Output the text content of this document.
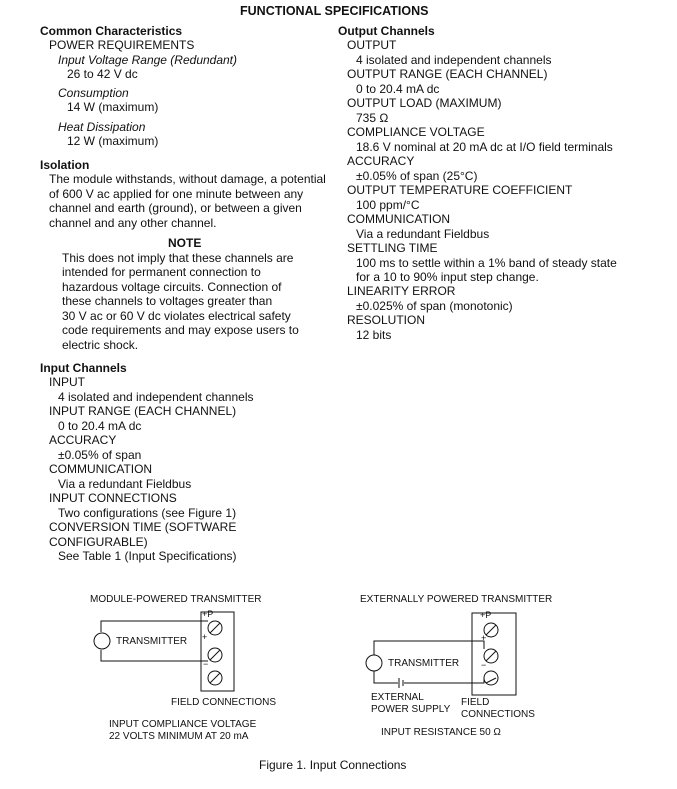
FUNCTIONAL SPECIFICATIONS
Common Characteristics
POWER REQUIREMENTS
Input Voltage Range (Redundant)
26 to 42 V dc
Consumption
14 W (maximum)
Heat Dissipation
12 W (maximum)
Isolation
The module withstands, without damage, a potential
of 600 V ac applied for one minute between any
channel and earth (ground), or between a given
channel and any other channel.
NOTE
This does not imply that these channels are
intended for permanent connection to
hazardous voltage circuits. Connection of
these channels to voltages greater than
30 V ac or 60 V dc violates electrical safety
code requirements and may expose users to
electric shock.
Input Channels
INPUT
4 isolated and independent channels
INPUT RANGE (EACH CHANNEL)
0 to 20.4 mA dc
ACCURACY
±0.05% of span
COMMUNICATION
Via a redundant Fieldbus
INPUT CONNECTIONS
Two configurations (see Figure 1)
CONVERSION TIME (SOFTWARE
CONFIGURABLE)
See Table 1 (Input Specifications)
Output Channels
OUTPUT
4 isolated and independent channels
OUTPUT RANGE (EACH CHANNEL)
0 to 20.4 mA dc
OUTPUT LOAD (MAXIMUM)
735 Ω
COMPLIANCE VOLTAGE
18.6 V nominal at 20 mA dc at I/O field terminals
ACCURACY
±0.05% of span (25°C)
OUTPUT TEMPERATURE COEFFICIENT
100 ppm/°C
COMMUNICATION
Via a redundant Fieldbus
SETTLING TIME
100 ms to settle within a 1% band of steady state
for a 10 to 90% input step change.
LINEARITY ERROR
±0.025% of span (monotonic)
RESOLUTION
12 bits
+P
+
−
+P
+
−
MODULE-POWERED TRANSMITTER
TRANSMITTER
FIELD CONNECTIONS
INPUT COMPLIANCE VOLTAGE
22 VOLTS MINIMUM AT 20 mA
EXTERNALLY POWERED TRANSMITTER
TRANSMITTER
EXTERNAL
POWER SUPPLY
FIELD
CONNECTIONS
INPUT RESISTANCE 50 Ω
Figure 1. Input Connections
